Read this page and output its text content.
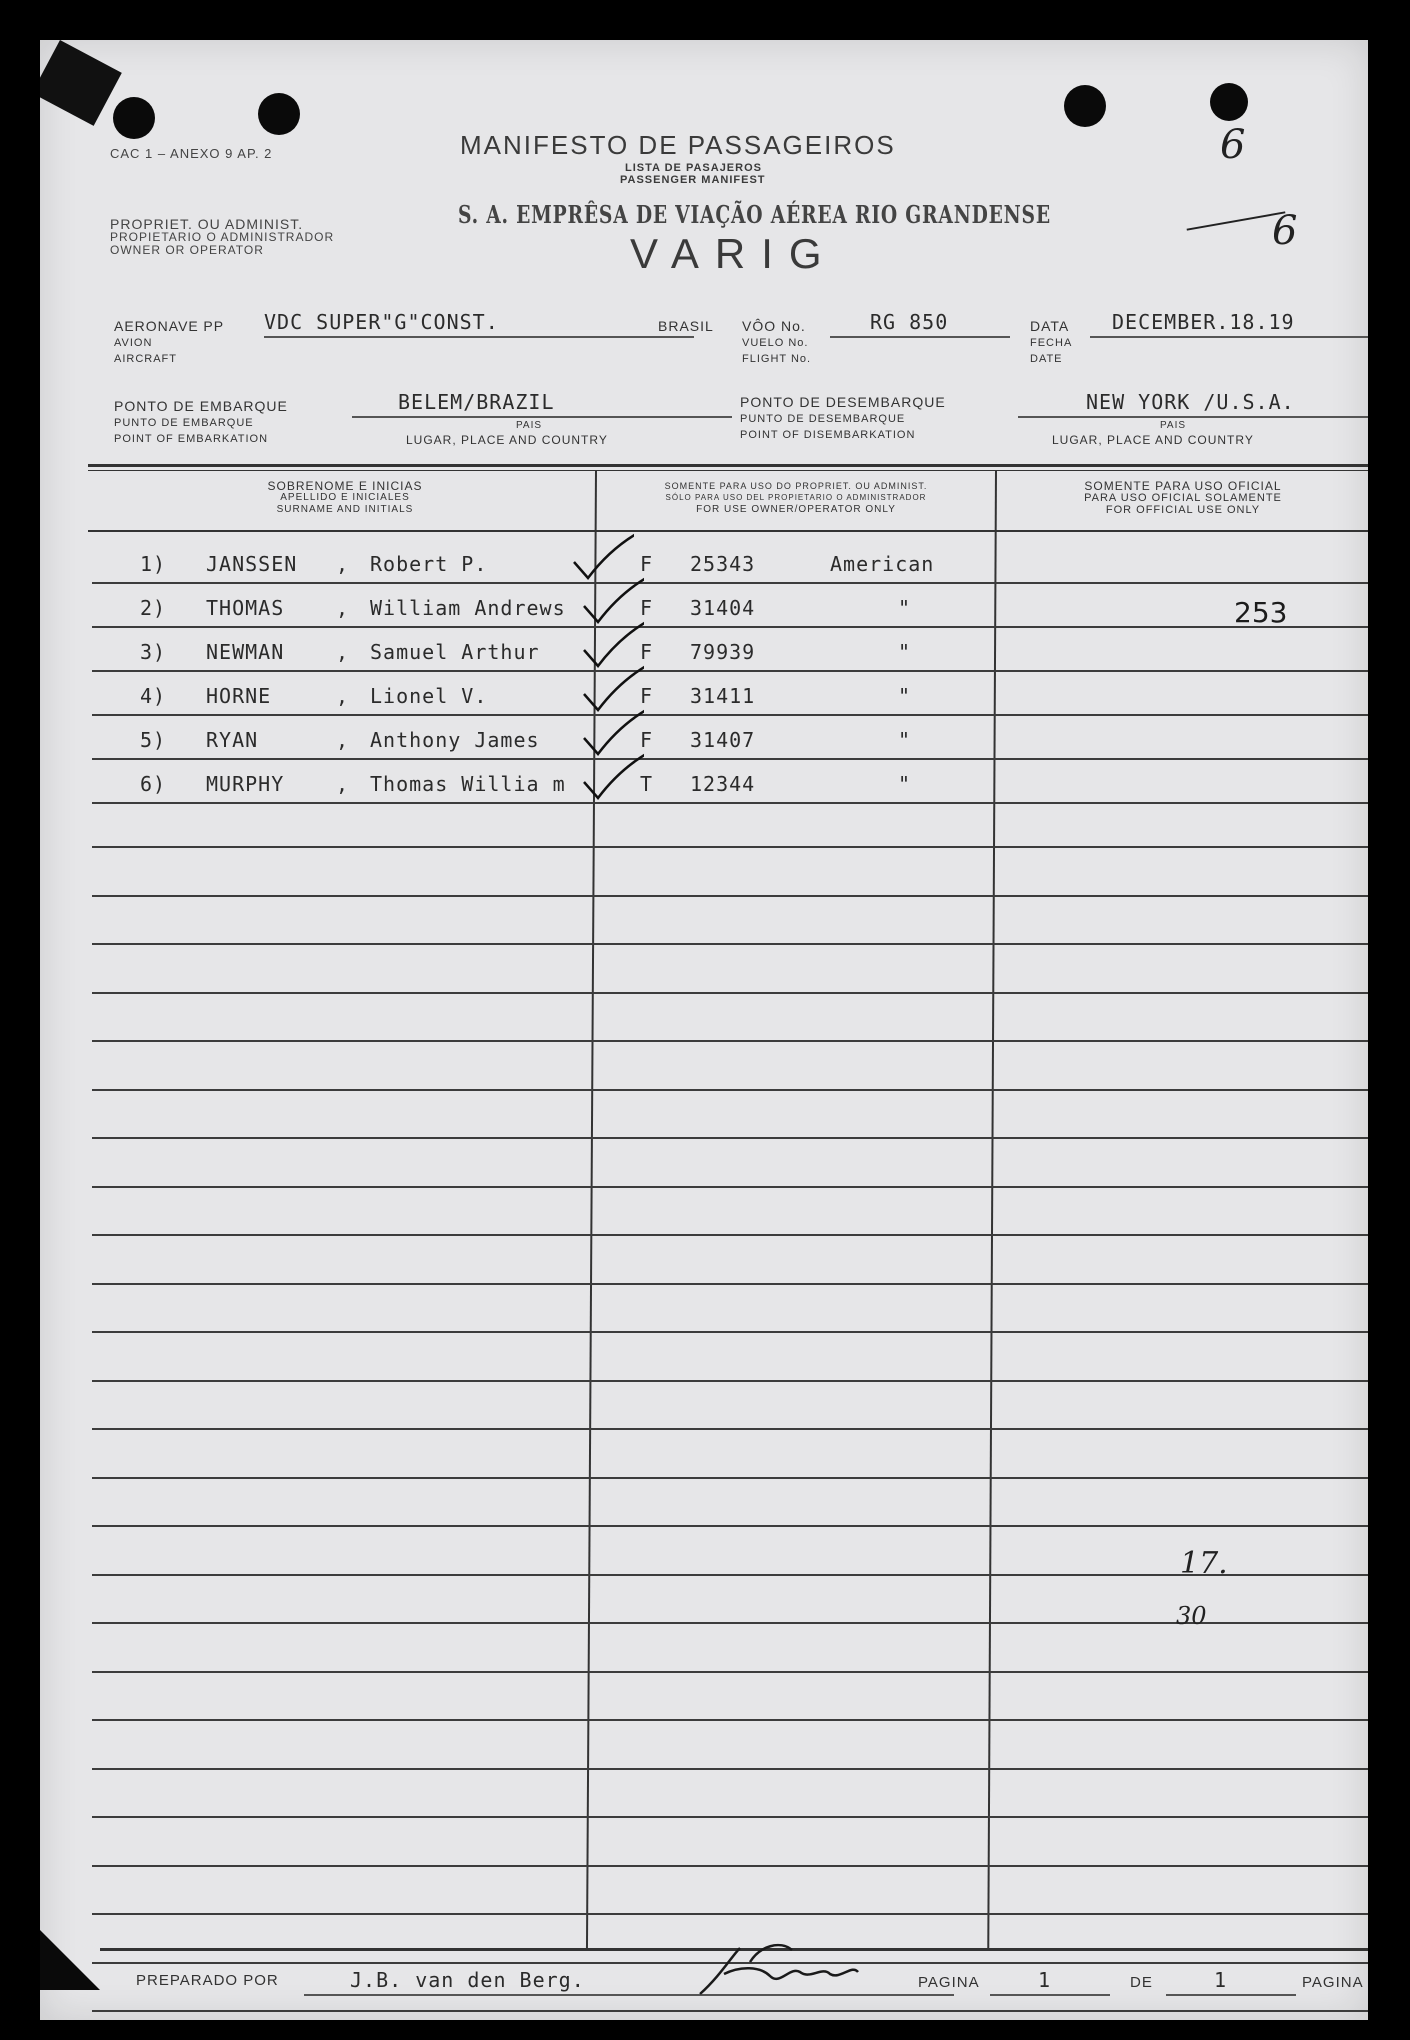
CAC 1 – ANEXO 9 AP. 2	MANIFESTO DE PASSAGEIROS
LISTA DE PASAJEROS
PASSENGER MANIFEST
S. A. EMPRÊSA DE VIAÇÃO AÉREA RIO GRANDENSE
VARIG
PROPRIET. OU ADMINIST.
PROPIETARIO O ADMINISTRADOR
OWNER OR OPERATOR
6
6
AERONAVE PP
AVION
AIRCRAFT
VDC SUPER"G"CONST.	BRASIL VÔO No.
VUELO No.
FLIGHT No.
RG 850	DATA
FECHA
DATE
DECEMBER.18.19
PONTO DE EMBARQUE
PUNTO DE EMBARQUE
POINT OF EMBARKATION
BELEM/BRAZIL
PAIS
LUGAR, PLACE AND COUNTRY
PONTO DE DESEMBARQUE
PUNTO DE DESEMBARQUE
POINT OF DISEMBARKATION
NEW YORK /U.S.A.
PAIS
LUGAR, PLACE AND COUNTRY
SOBRENOME E INICIAS
APELLIDO E INICIALES
SURNAME AND INITIALS
SOMENTE PARA USO DO PROPRIET. OU ADMINIST.
SÓLO PARA USO DEL PROPIETARIO O ADMINISTRADOR
FOR USE OWNER/OPERATOR ONLY
SOMENTE PARA USO OFICIAL
PARA USO OFICIAL SOLAMENTE
FOR OFFICIAL USE ONLY
1) JANSSEN	Robert P.	F 25343	American
,
2) THOMAS	William Andrews	F 31404	"
,
3) NEWMAN	Samuel Arthur	F 79939	"
,
4) HORNE	Lionel V.	F 31411	"
,
5) RYAN	Anthony James	F 31407	"
,
6) MURPHY	Thomas Willia m	T 12344	"
,
253
17.
30
PREPARADO POR	J.B. van den Berg.	PAGINA	1	DE	1	PAGINA
